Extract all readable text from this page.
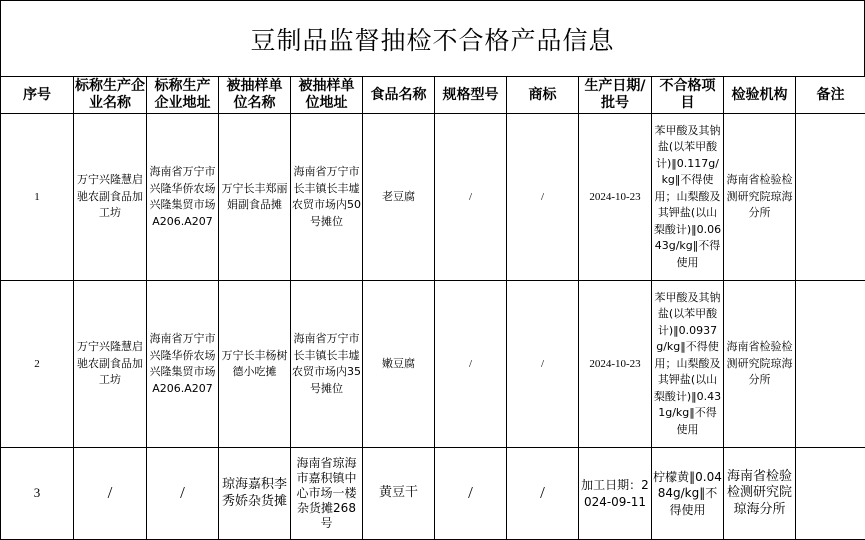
豆制品监督抽检不合格产品信息
序号	标称生产企业名称	标称生产企业地址	被抽样单位名称	被抽样单位地址	食品名称	规格型号	商标	生产日期/批号	不合格项目	检验机构	备注
1	万宁兴隆慧启驰农副食品加工坊	海南省万宁市兴隆华侨农场兴隆集贸市场A206.A207	万宁长丰郑丽娟副食品摊	海南省万宁市长丰镇长丰墟农贸市场内50号摊位	老豆腐	/	/	2024-10-23	苯甲酸及其钠盐(以苯甲酸计)‖0.117g/kg‖不得使用；山梨酸及其钾盐(以山梨酸计)‖0.0643g/kg‖不得使用	海南省检验检测研究院琼海分所	
2	万宁兴隆慧启驰农副食品加工坊	海南省万宁市兴隆华侨农场兴隆集贸市场A206.A207	万宁长丰杨树德小吃摊	海南省万宁市长丰镇长丰墟农贸市场内35号摊位	嫩豆腐	/	/	2024-10-23	苯甲酸及其钠盐(以苯甲酸计)‖0.0937g/kg‖不得使用；山梨酸及其钾盐(以山梨酸计)‖0.431g/kg‖不得使用	海南省检验检测研究院琼海分所	
3	/	/	琼海嘉积李秀娇杂货摊	海南省琼海市嘉积镇中心市场一楼杂货摊268号	黄豆干	/	/	加工日期：2024-09-11	柠檬黄‖0.0484g/kg‖不得使用	海南省检验检测研究院琼海分所	
